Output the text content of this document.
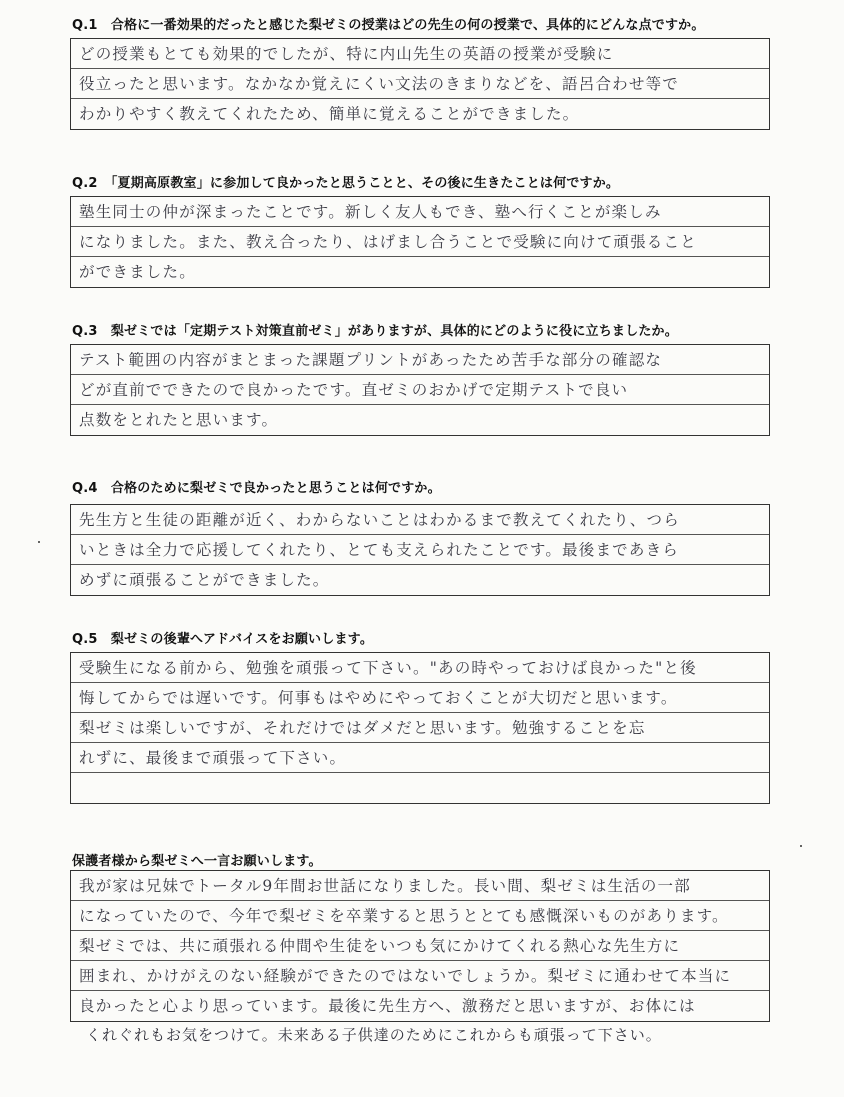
Q.1　合格に一番効果的だったと感じた梨ゼミの授業はどの先生の何の授業で、具体的にどんな点ですか。
どの授業もとても効果的でしたが、特に内山先生の英語の授業が受験に
役立ったと思います。なかなか覚えにくい文法のきまりなどを、語呂合わせ等で
わかりやすく教えてくれたため、簡単に覚えることができました。
Q.2　「夏期高原教室」に参加して良かったと思うことと、その後に生きたことは何ですか。
塾生同士の仲が深まったことです。新しく友人もでき、塾へ行くことが楽しみ
になりました。また、教え合ったり、はげまし合うことで受験に向けて頑張ること
ができました。
Q.3　梨ゼミでは「定期テスト対策直前ゼミ」がありますが、具体的にどのように役に立ちましたか。
テスト範囲の内容がまとまった課題プリントがあったため苦手な部分の確認な
どが直前でできたので良かったです。直ゼミのおかげで定期テストで良い
点数をとれたと思います。
Q.4　合格のために梨ゼミで良かったと思うことは何ですか。
先生方と生徒の距離が近く、わからないことはわかるまで教えてくれたり、つら
いときは全力で応援してくれたり、とても支えられたことです。最後まであきら
めずに頑張ることができました。
Q.5　梨ゼミの後輩へアドバイスをお願いします。
受験生になる前から、勉強を頑張って下さい。"あの時やっておけば良かった"と後
悔してからでは遅いです。何事もはやめにやっておくことが大切だと思います。
梨ゼミは楽しいですが、それだけではダメだと思います。勉強することを忘
れずに、最後まで頑張って下さい。
保護者様から梨ゼミへ一言お願いします。
我が家は兄妹でトータル9年間お世話になりました。長い間、梨ゼミは生活の一部
になっていたので、今年で梨ゼミを卒業すると思うととても感慨深いものがあります。
梨ゼミでは、共に頑張れる仲間や生徒をいつも気にかけてくれる熱心な先生方に
囲まれ、かけがえのない経験ができたのではないでしょうか。梨ゼミに通わせて本当に
良かったと心より思っています。最後に先生方へ、激務だと思いますが、お体には
くれぐれもお気をつけて。未来ある子供達のためにこれからも頑張って下さい。
